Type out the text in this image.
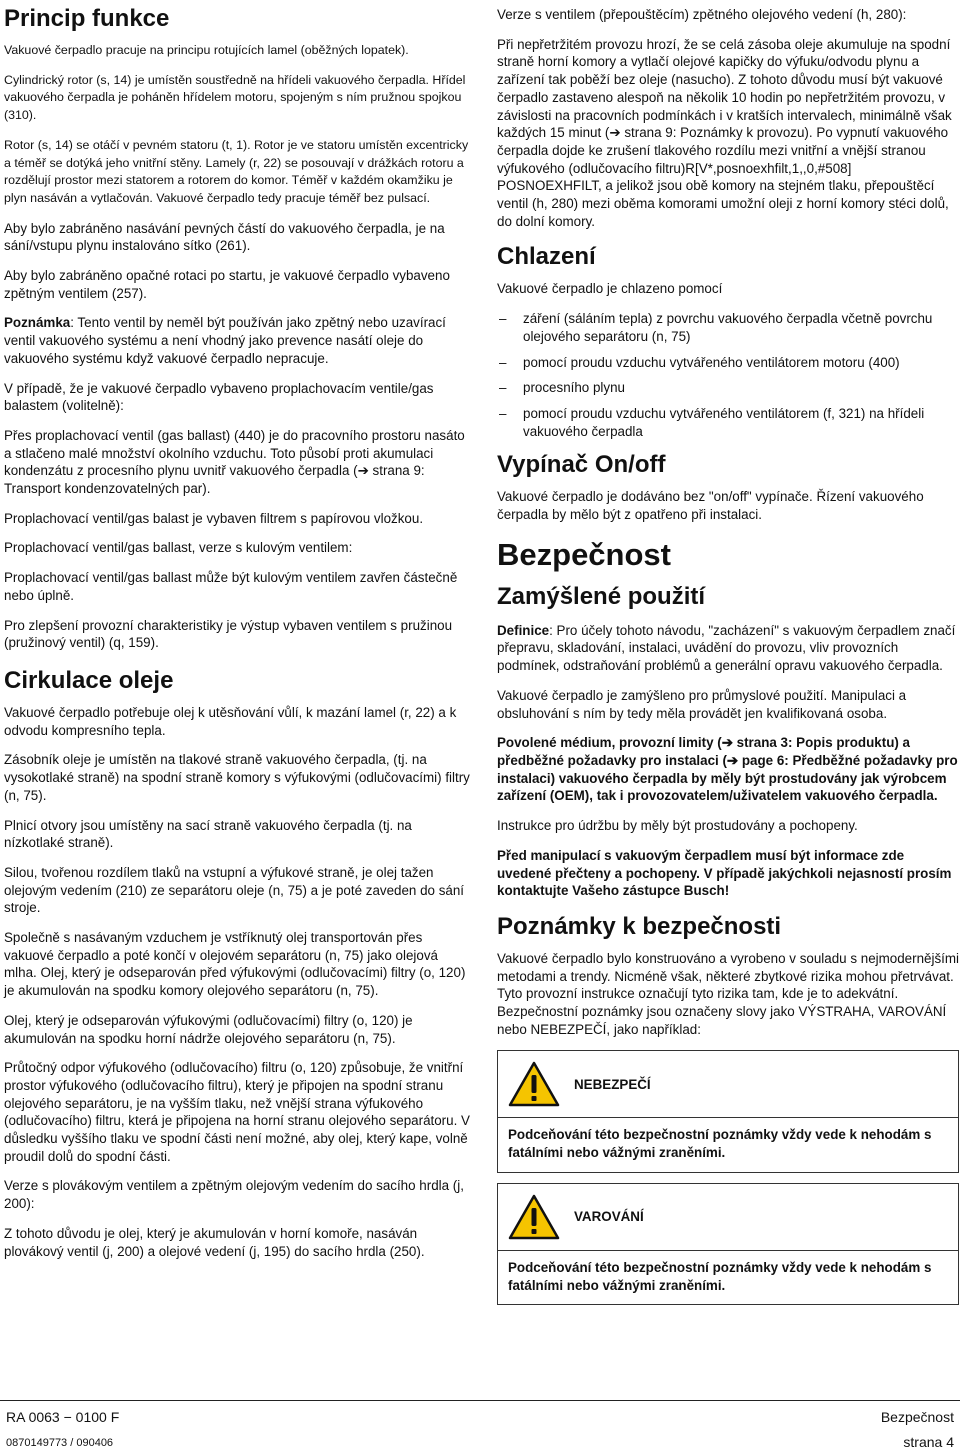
Princip funkce

Vakuové čerpadlo pracuje na principu rotujících lamel (oběžných lopatek).

Cylindrický rotor (s, 14) je umístěn soustředně na hřídeli vakuového čerpadla. Hřídel vakuového čerpadla je poháněn hřídelem motoru, spojeným s ním pružnou spojkou (310).

Rotor (s, 14) se otáčí v pevném statoru (t, 1). Rotor je ve statoru umístěn excentricky a téměř se dotýká jeho vnitřní stěny. Lamely (r, 22) se posouvají v drážkách rotoru a rozdělují prostor mezi statorem a rotorem do komor. Téměř v každém okamžiku je plyn nasáván a vytlačován. Vakuové čerpadlo tedy pracuje téměř bez pulsací.

Aby bylo zabráněno nasávání pevných částí do vakuového čerpadla, je na sání/vstupu plynu instalováno sítko (261).

Aby bylo zabráněno opačné rotaci po startu, je vakuové čerpadlo vybaveno zpětným ventilem (257).

Poznámka: Tento ventil by neměl být používán jako zpětný nebo uzavírací ventil vakuového systému a není vhodný jako prevence nasátí oleje do vakuového systému když vakuové čerpadlo nepracuje.

V případě, že je vakuové čerpadlo vybaveno proplachovacím ventile/gas balastem (volitelně):

Přes proplachovací ventil (gas ballast) (440) je do pracovního prostoru nasáto a stlačeno malé množství okolního vzduchu. Toto působí proti akumulaci kondenzátu z procesního plynu uvnitř vakuového čerpadla (➔ strana 9: Transport kondenzovatelných par).

Proplachovací ventil/gas balast je vybaven filtrem s papírovou vložkou.

Proplachovací ventil/gas ballast, verze s kulovým ventilem:

Proplachovací ventil/gas ballast může být kulovým ventilem zavřen částečně nebo úplně.

Pro zlepšení provozní charakteristiky je výstup vybaven ventilem s pružinou (pružinový ventil) (q, 159).

Cirkulace oleje

Vakuové čerpadlo potřebuje olej k utěsňování vůlí, k mazání lamel (r, 22) a k odvodu kompresního tepla.

Zásobník oleje je umístěn na tlakové straně vakuového čerpadla, (tj. na vysokotlaké straně) na spodní straně komory s výfukovými (odlučovacími) filtry (n, 75).

Plnicí otvory jsou umístěny na sací straně vakuového čerpadla (tj. na nízkotlaké straně).

Silou, tvořenou rozdílem tlaků na vstupní a výfukové straně, je olej tažen olejovým vedením (210) ze separátoru oleje (n, 75) a je poté zaveden do sání stroje.

Společně s nasávaným vzduchem je vstříknutý olej transportován přes vakuové čerpadlo a poté končí v olejovém separátoru (n, 75) jako olejová mlha. Olej, který je odseparován před výfukovými (odlučovacími) filtry (o, 120) je akumulován na spodku komory olejového separátoru (n, 75).

Olej, který je odseparován výfukovými (odlučovacími) filtry (o, 120) je akumulován na spodku horní nádrže olejového separátoru (n, 75).

Průtočný odpor výfukového (odlučovacího) filtru (o, 120) způsobuje, že vnitřní prostor výfukového (odlučovacího filtru), který je připojen na spodní stranu olejového separátoru, je na vyšším tlaku, než vnější strana výfukového (odlučovacího) filtru, která je připojena na horní stranu olejového separátoru. V důsledku vyššího tlaku ve spodní části není možné, aby olej, který kape, volně proudil dolů do spodní části.

Verze s plovákovým ventilem a zpětným olejovým vedením do sacího hrdla (j, 200):

Z tohoto důvodu je olej, který je akumulován v horní komoře, nasáván plovákový ventil (j, 200) a olejové vedení (j, 195) do sacího hrdla (250).

Verze s ventilem (přepouštěcím) zpětného olejového vedení (h, 280):

Při nepřetržitém provozu hrozí, že se celá zásoba oleje akumuluje na spodní straně horní komory a vytlačí olejové kapičky do výfuku/odvodu plynu a zařízení tak poběží bez oleje (nasucho). Z tohoto důvodu musí být vakuové čerpadlo zastaveno alespoň na několik 10 hodin po nepřetržitém provozu, v závislosti na pracovních podmínkách i v kratších intervalech, minimálně však každých 15 minut (➔ strana 9: Poznámky k provozu). Po vypnutí vakuového čerpadla dojde ke zrušení tlakového rozdílu mezi vnitřní a vnější stranou výfukového (odlučovacího filtru)R[V*,posnoexhfilt,1,,0,#508] POSNOEXHFILT, a jelikož jsou obě komory na stejném tlaku, přepouštěcí ventil (h, 280) mezi oběma komorami umožní oleji z horní komory stéci dolů, do dolní komory.

Chlazení

Vakuové čerpadlo je chlazeno pomocí

– záření (sáláním tepla) z povrchu vakuového čerpadla včetně povrchu olejového separátoru (n, 75)
– pomocí proudu vzduchu vytvářeného ventilátorem motoru (400)
– procesního plynu
– pomocí proudu vzduchu vytvářeného ventilátorem (f, 321) na hřídeli vakuového čerpadla
Vypínač On/off

Vakuové čerpadlo je dodáváno bez "on/off" vypínače. Řízení vakuového čerpadla by mělo být z opatřeno při instalaci.

Bezpečnost
Zamýšlené použití

Definice: Pro účely tohoto návodu, "zacházení" s vakuovým čerpadlem značí přepravu, skladování, instalaci, uvádění do provozu, vliv provozních podmínek, odstraňování problémů a generální opravu vakuového čerpadla.

Vakuové čerpadlo je zamýšleno pro průmyslové použití. Manipulaci a obsluhování s ním by tedy měla provádět jen kvalifikovaná osoba.

Povolené médium, provozní limity (➔ strana 3: Popis produktu) a předběžné požadavky pro instalaci (➔ page 6: Předběžné požadavky pro instalaci) vakuového čerpadla by měly být prostudovány jak výrobcem zařízení (OEM), tak i provozovatelem/uživatelem vakuového čerpadla.

Instrukce pro údržbu by měly být prostudovány a pochopeny.

Před manipulací s vakuovým čerpadlem musí být informace zde uvedené přečteny a pochopeny. V případě jakýchkoli nejasností prosím kontaktujte Vašeho zástupce Busch!

Poznámky k bezpečnosti

Vakuové čerpadlo bylo konstruováno a vyrobeno v souladu s nejmodernějšími metodami a trendy. Nicméně však, některé zbytkové rizika mohou přetrvávat. Tyto provozní instrukce označují tyto rizika tam, kde je to adekvátní. Bezpečnostní poznámky jsou označeny slovy jako VÝSTRAHA, VAROVÁNÍ nebo NEBEZPEČÍ, jako například:

NEBEZPEČÍ
Podceňování této bezpečnostní poznámky vždy vede k nehodám s fatálními nebo vážnými zraněními.
VAROVÁNÍ
Podceňování této bezpečnostní poznámky vždy vede k nehodám s fatálními nebo vážnými zraněními.
RA 0063 − 0100 F	Bezpečnost
0870149773 / 090406	strana 4
